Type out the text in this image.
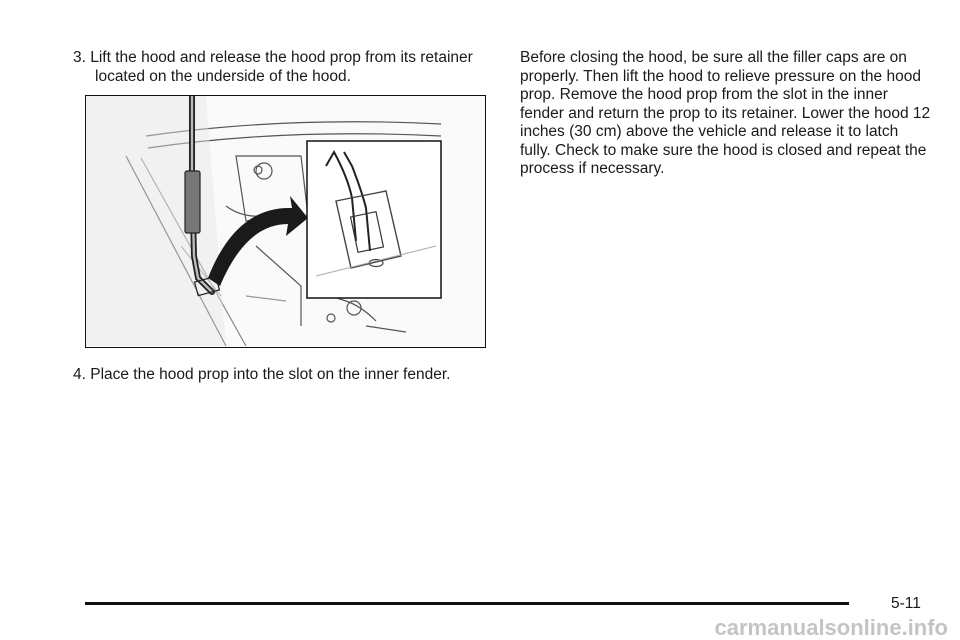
3. Lift the hood and release the hood prop from its retainer located on the underside of the hood.

4. Place the hood prop into the slot on the inner fender.

Before closing the hood, be sure all the filler caps are on properly. Then lift the hood to relieve pressure on the hood prop. Remove the hood prop from the slot in the inner fender and return the prop to its retainer. Lower the hood 12 inches (30 cm) above the vehicle and release it to latch fully. Check to make sure the hood is closed and repeat the process if necessary.

5-11
carmanualsonline.info
